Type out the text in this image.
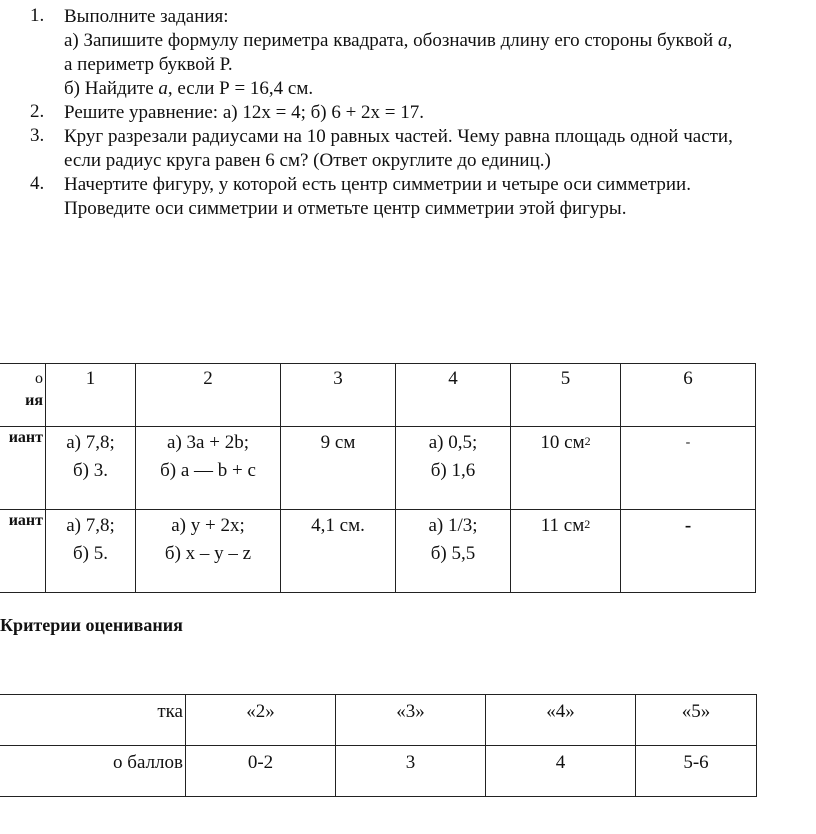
1. Выполните задания:
а) Запишите формулу периметра квадрата, обозначив длину его стороны буквой а,
а периметр буквой Р.
б) Найдите а, если Р = 16,4 см.
2. Решите уравнение: а) 12х = 4; б) 6 + 2х = 17.
3. Круг разрезали радиусами на 10 равных частей. Чему равна площадь одной части,
если радиус круга равен 6 см? (Ответ округлите до единиц.)
4. Начертите фигуру, у которой есть центр симметрии и четыре оси симметрии.
Проведите оси симметрии и отметьте центр симметрии этой фигуры.
о
ия	1	2	3	4	5	6
иант	а) 7,8;
б) 3.	а) 3а + 2b;
б) а — b + с	9 см	а) 0,5;
б) 1,6	10 $см^2$	-

иант	а) 7,8;
б) 5.	а) у + 2х;
б) х – у – z	4,1 см.	а) 1/3;
б) 5,5	11 $см^2$	-
Критерии оценивания
тка	«2»	«3»	«4»	«5»
о баллов	0-2	3	4	5-6
